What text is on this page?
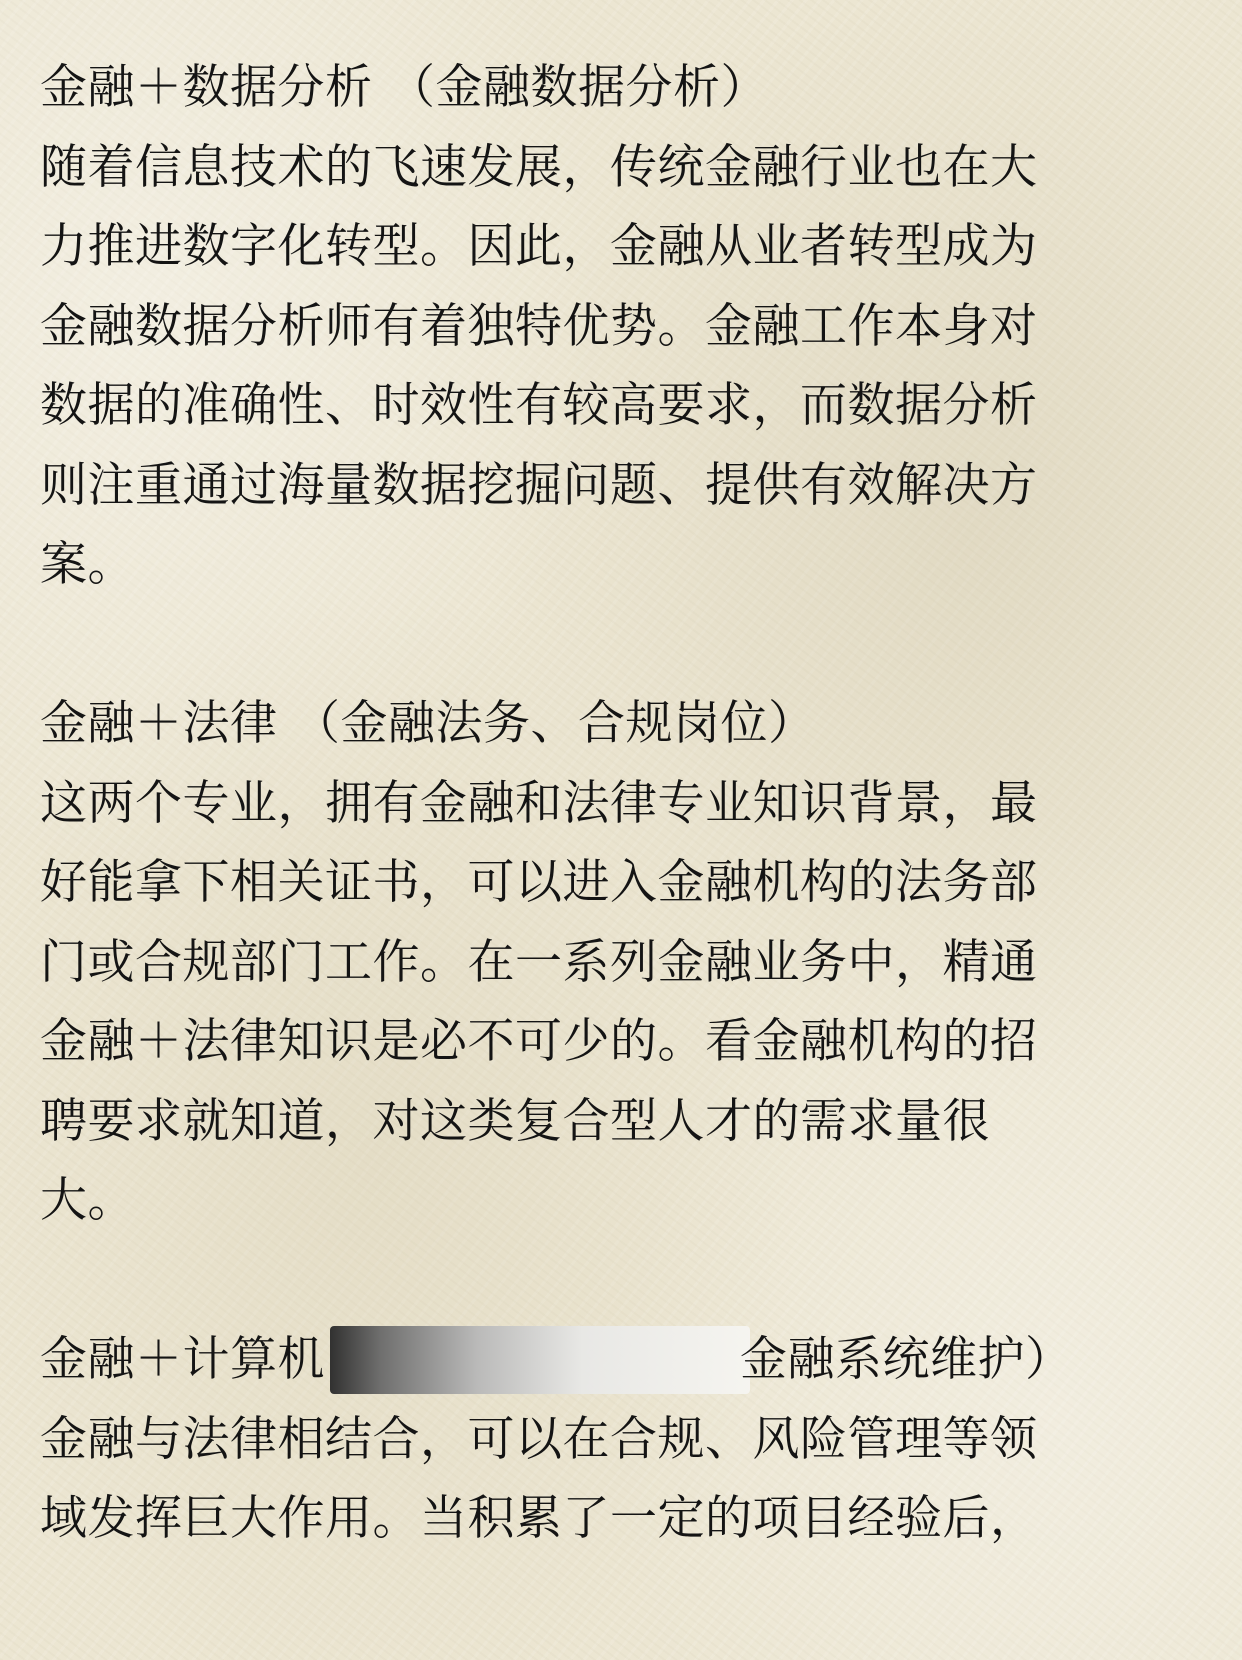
金融＋数据分析 （金融数据分析）
随着信息技术的飞速发展，传统金融行业也在大
力推进数字化转型。因此，金融从业者转型成为
金融数据分析师有着独特优势。金融工作本身对
数据的准确性、时效性有较高要求，而数据分析
则注重通过海量数据挖掘问题、提供有效解决方
案。
金融＋法律 （金融法务、合规岗位）
这两个专业，拥有金融和法律专业知识背景，最
好能拿下相关证书，可以进入金融机构的法务部
门或合规部门工作。在一系列金融业务中，精通
金融＋法律知识是必不可少的。看金融机构的招
聘要求就知道，对这类复合型人才的需求量很
大。
金融＋计算机	金融系统维护）
金融与法律相结合，可以在合规、风险管理等领
域发挥巨大作用。当积累了一定的项目经验后，
